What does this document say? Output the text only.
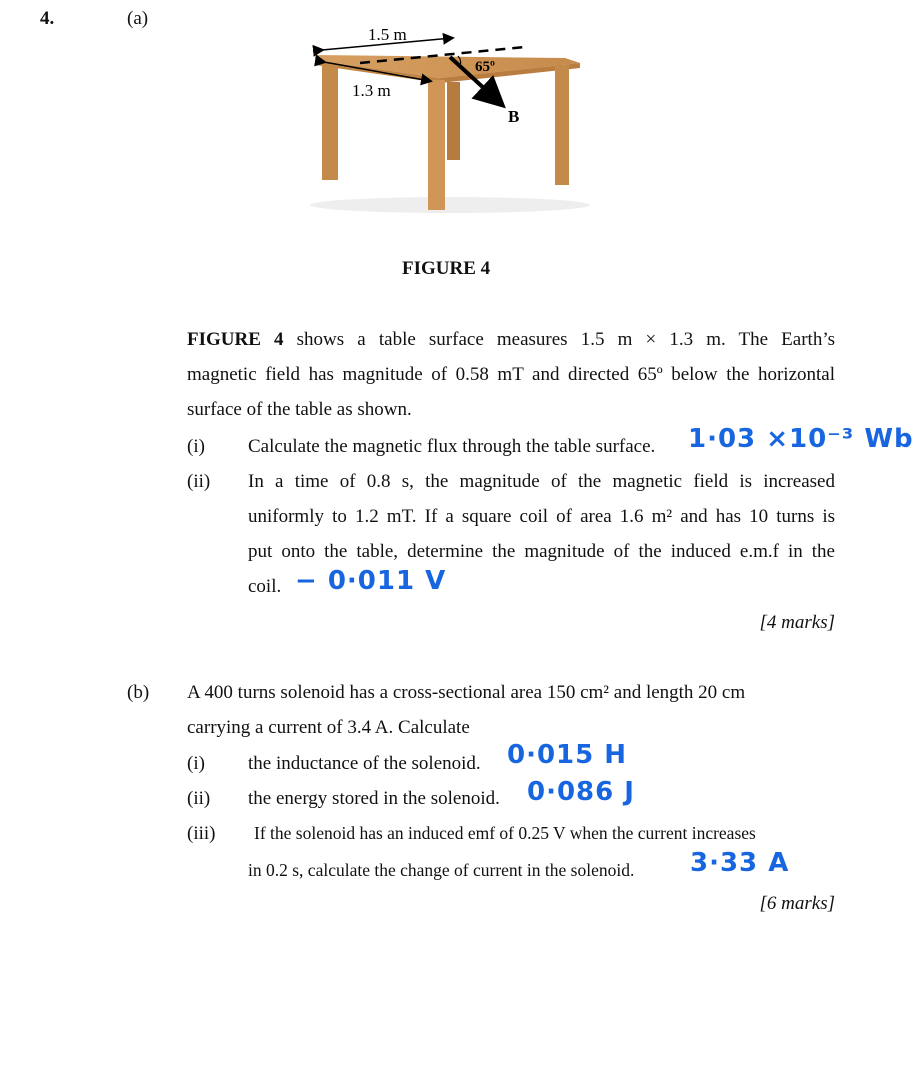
4.	(a)
1.5 m
1.3 m
65º
B
FIGURE 4
FIGURE 4 shows a table surface measures 1.5 m × 1.3 m. The Earth’s
magnetic field has magnitude of 0.58 mT and directed 65º below the horizontal
surface of the table as shown.
(i) Calculate the magnetic flux through the table surface. 1·03 ×10⁻³ Wb
(ii) In a time of 0.8 s, the magnitude of the magnetic field is increased
uniformly to 1.2 mT. If a square coil of area 1.6 m² and has 10 turns is
put onto the table, determine the magnitude of the induced e.m.f in the
coil. − 0·011 V
[4 marks]
(b) A 400 turns solenoid has a cross-sectional area 150 cm² and length 20 cm
carrying a current of 3.4 A. Calculate
(i) the inductance of the solenoid. 0·015 H
(ii) the energy stored in the solenoid. 0·086 J
(iii) If the solenoid has an induced emf of 0.25 V when the current increases
in 0.2 s, calculate the change of current in the solenoid. 3·33 A
[6 marks]
